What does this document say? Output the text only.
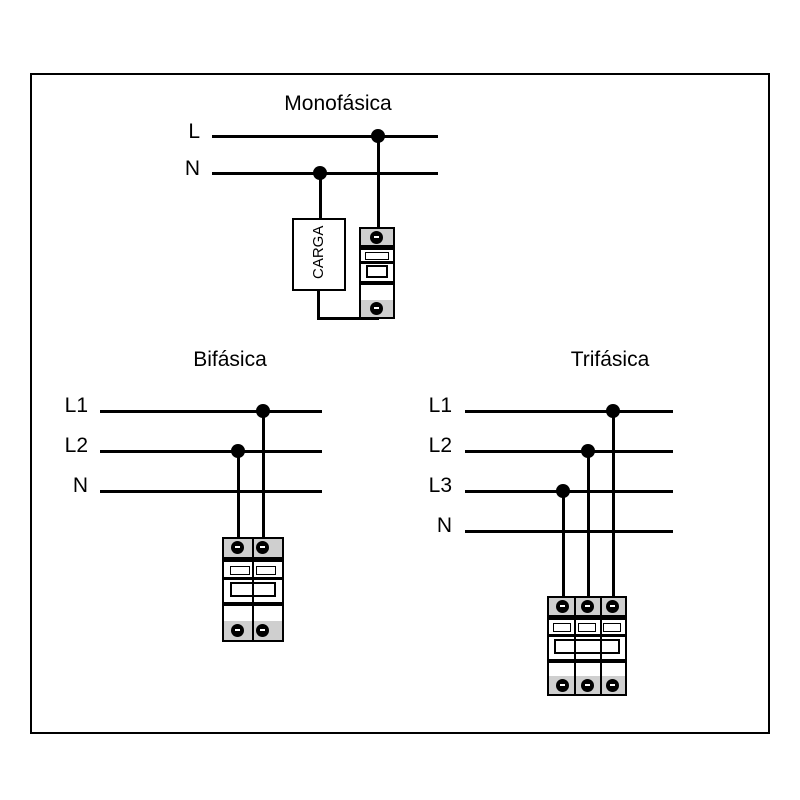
Monofásica
L
N
CARGA
Bifásica
L1
L2
N
Trifásica
L1
L2
L3
N
